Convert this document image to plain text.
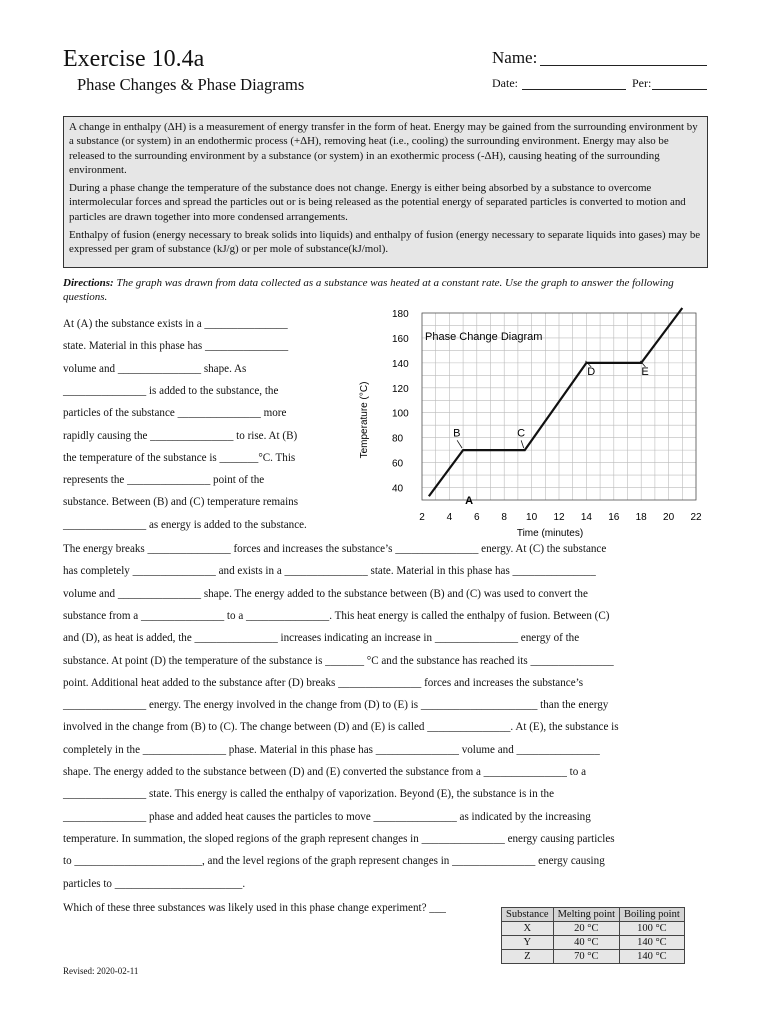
Exercise 10.4a
Phase Changes & Phase Diagrams
Name:
Date:	Per:

A change in enthalpy (ΔH) is a measurement of energy transfer in the form of heat. Energy may be gained from the surrounding environment by a substance (or system) in an endothermic process (+ΔH), removing heat (i.e., cooling) the surrounding environment. Energy may also be released to the surrounding environment by a substance (or system) in an exothermic process (-ΔH), causing heating of the surrounding environment.

During a phase change the temperature of the substance does not change. Energy is either being absorbed by a substance to overcome intermolecular forces and spread the particles out or is being released as the potential energy of separated particles is converted to motion and particles are drawn together into more condensed arrangements.

Enthalpy of fusion (energy necessary to break solids into liquids) and enthalpy of fusion (energy necessary to separate liquids into gases) may be expressed per gram of substance (kJ/g) or per mole of substance(kJ/mol).

Directions: The graph was drawn from data collected as a substance was heated at a constant rate. Use the graph to answer the following questions.
At (A) the substance exists in a _______________
state. Material in this phase has _______________
volume and _______________ shape. As
_______________ is added to the substance, the
particles of the substance _______________ more
rapidly causing the _______________ to rise. At (B)
the temperature of the substance is _______°C. This
represents the _______________ point of the
substance. Between (B) and (C) temperature remains
_______________ as energy is added to the substance.
2 4 6 8 10 12 14 16 18 20 22
40
60
80
100
120
140
160
180
A
B	C
D	E
Phase Change Diagram
Time (minutes)
Temperature (°C)
The energy breaks _______________ forces and increases the substance’s _______________ energy. At (C) the substance
has completely _______________ and exists in a _______________ state. Material in this phase has _______________
volume and _______________ shape. The energy added to the substance between (B) and (C) was used to convert the
substance from a _______________ to a _______________. This heat energy is called the enthalpy of fusion. Between (C)
and (D), as heat is added, the _______________ increases indicating an increase in _______________ energy of the
substance. At point (D) the temperature of the substance is _______ °C and the substance has reached its _______________
point. Additional heat added to the substance after (D) breaks _______________ forces and increases the substance’s
_______________ energy. The energy involved in the change from (D) to (E) is _____________________ than the energy
involved in the change from (B) to (C). The change between (D) and (E) is called _______________. At (E), the substance is
completely in the _______________ phase. Material in this phase has _______________ volume and _______________
shape. The energy added to the substance between (D) and (E) converted the substance from a _______________ to a
_______________ state. This energy is called the enthalpy of vaporization. Beyond (E), the substance is in the
_______________ phase and added heat causes the particles to move _______________ as indicated by the increasing
temperature. In summation, the sloped regions of the graph represent changes in _______________ energy causing particles
to _______________________, and the level regions of the graph represent changes in _______________ energy causing
particles to _______________________.
Which of these three substances was likely used in this phase change experiment? ___
Substance	Melting point	Boiling point
X	20 °C	100 °C
Y	40 °C	140 °C
Z	70 °C	140 °C
Revised: 2020-02-11
